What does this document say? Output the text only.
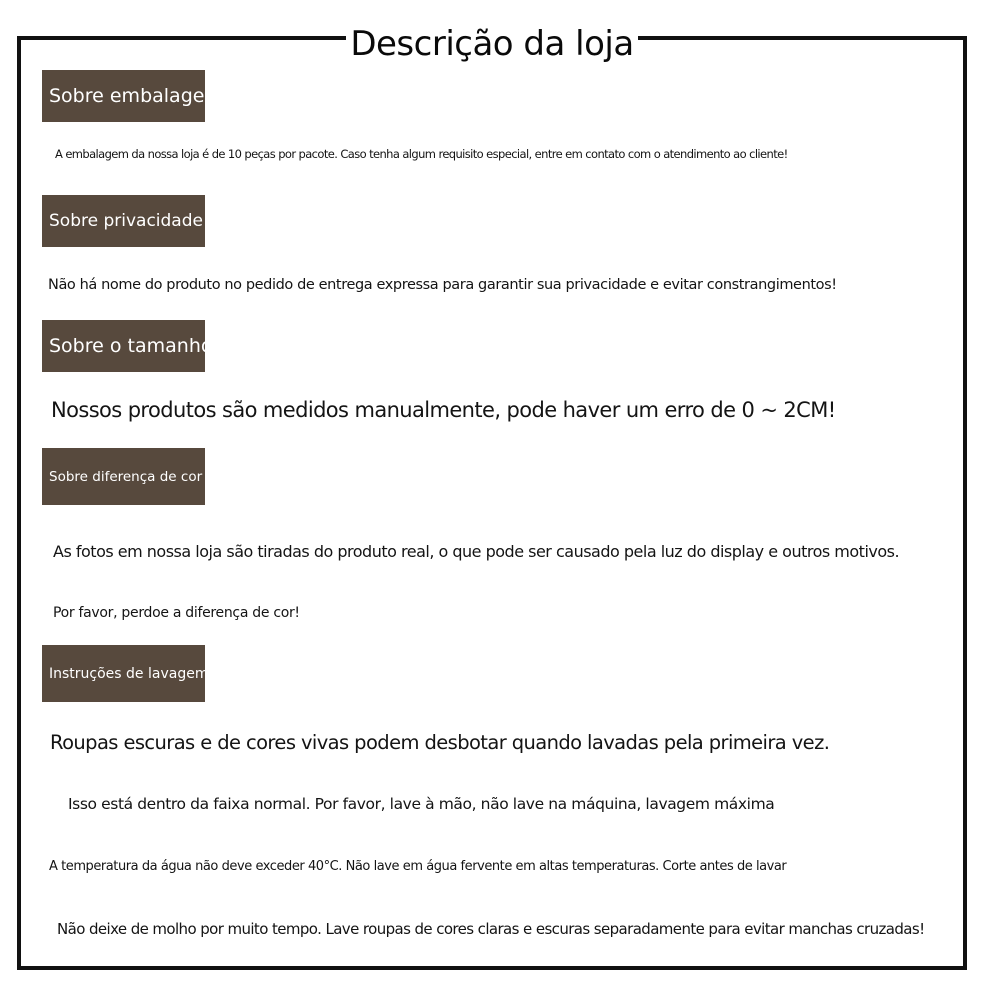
Descrição da loja
Sobre embalagem
A embalagem da nossa loja é de 10 peças por pacote. Caso tenha algum requisito especial, entre em contato com o atendimento ao cliente!
Sobre privacidade
Não há nome do produto no pedido de entrega expressa para garantir sua privacidade e evitar constrangimentos!
Sobre o tamanho
Nossos produtos são medidos manualmente, pode haver um erro de 0 ~ 2CM!
Sobre diferença de cor
As fotos em nossa loja são tiradas do produto real, o que pode ser causado pela luz do display e outros motivos.
Por favor, perdoe a diferença de cor!
Instruções de lavagem
Roupas escuras e de cores vivas podem desbotar quando lavadas pela primeira vez.
Isso está dentro da faixa normal. Por favor, lave à mão, não lave na máquina, lavagem máxima
A temperatura da água não deve exceder 40°C. Não lave em água fervente em altas temperaturas. Corte antes de lavar
Não deixe de molho por muito tempo. Lave roupas de cores claras e escuras separadamente para evitar manchas cruzadas!
